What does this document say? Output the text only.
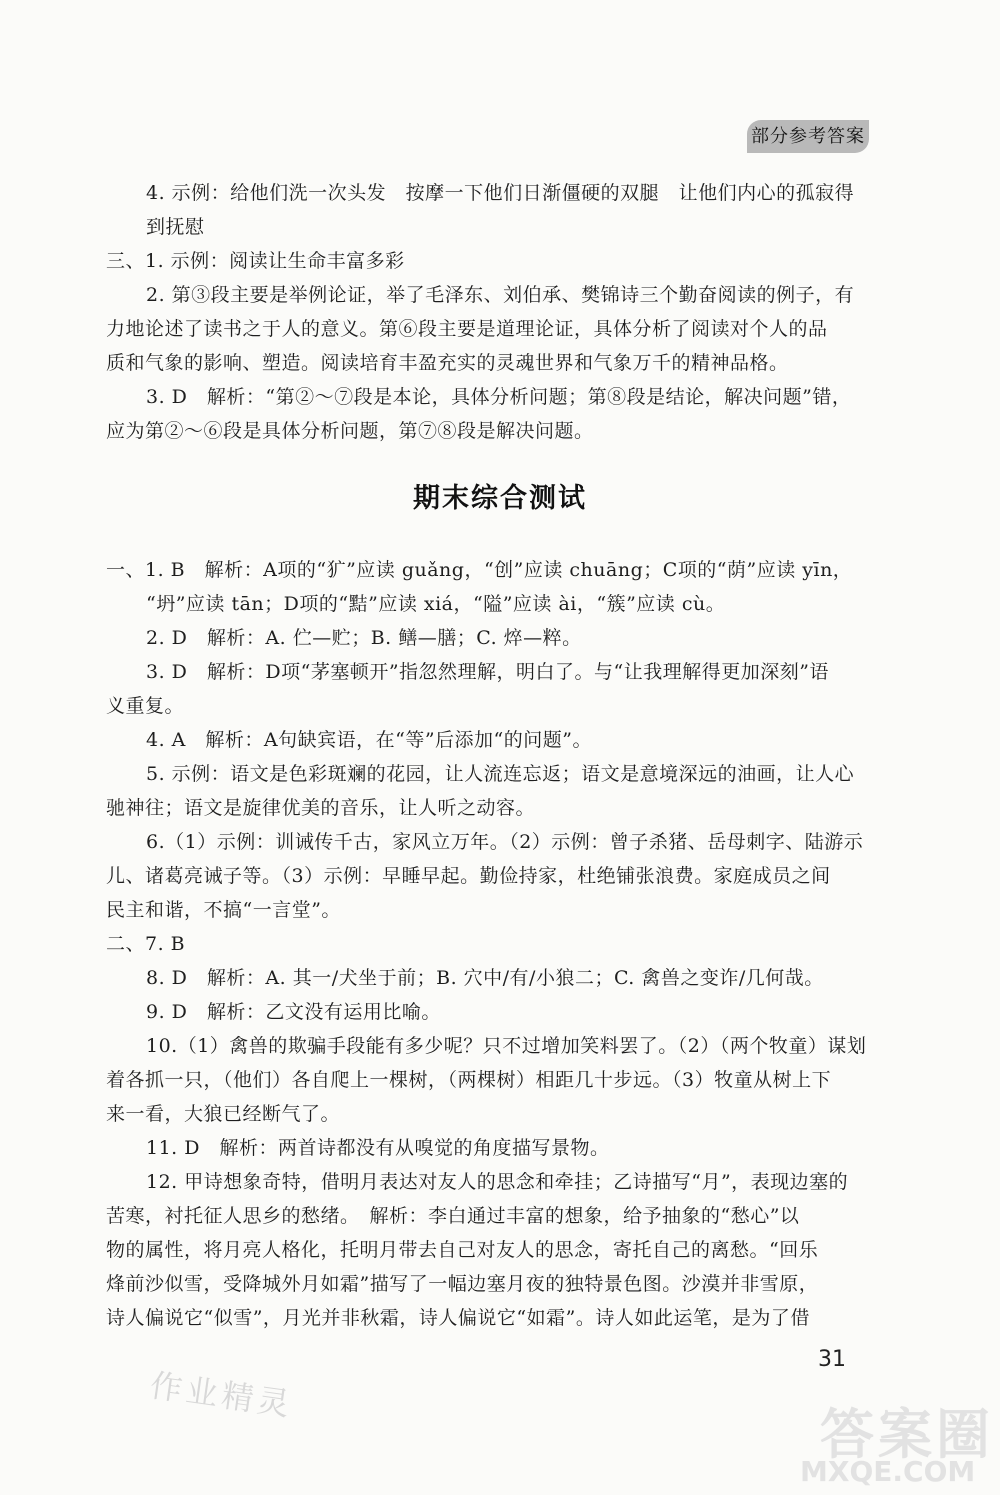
部分参考答案
4. 示例：给他们洗一次头发　按摩一下他们日渐僵硬的双腿　让他们内心的孤寂得
到抚慰
三、1. 示例：阅读让生命丰富多彩
2. 第③段主要是举例论证，举了毛泽东、刘伯承、樊锦诗三个勤奋阅读的例子，有
力地论述了读书之于人的意义。第⑥段主要是道理论证，具体分析了阅读对个人的品
质和气象的影响、塑造。阅读培育丰盈充实的灵魂世界和气象万千的精神品格。
3. D　解析：“第②～⑦段是本论，具体分析问题；第⑧段是结论，解决问题”错，
应为第②～⑥段是具体分析问题，第⑦⑧段是解决问题。
期末综合测试
一、1. B　解析：A项的“犷”应读 guǎng，“创”应读 chuāng；C项的“荫”应读 yīn，
“坍”应读 tān；D项的“黠”应读 xiá，“隘”应读 ài，“簇”应读 cù。
2. D　解析：A. 伫—贮；B. 鳝—膳；C. 焠—粹。
3. D　解析：D项“茅塞顿开”指忽然理解，明白了。与“让我理解得更加深刻”语
义重复。
4. A　解析：A句缺宾语，在“等”后添加“的问题”。
5. 示例：语文是色彩斑斓的花园，让人流连忘返；语文是意境深远的油画，让人心
驰神往；语文是旋律优美的音乐，让人听之动容。
6.（1）示例：训诫传千古，家风立万年。（2）示例：曾子杀猪、岳母刺字、陆游示
儿、诸葛亮诫子等。（3）示例：早睡早起。勤俭持家，杜绝铺张浪费。家庭成员之间
民主和谐，不搞“一言堂”。
二、7. B
8. D　解析：A. 其一/犬坐于前；B. 穴中/有/小狼二；C. 禽兽之变诈/几何哉。
9. D　解析：乙文没有运用比喻。
10.（1）禽兽的欺骗手段能有多少呢？只不过增加笑料罢了。（2）（两个牧童）谋划
着各抓一只，（他们）各自爬上一棵树，（两棵树）相距几十步远。（3）牧童从树上下
来一看，大狼已经断气了。
11. D　解析：两首诗都没有从嗅觉的角度描写景物。
12. 甲诗想象奇特，借明月表达对友人的思念和牵挂；乙诗描写“月”，表现边塞的
苦寒，衬托征人思乡的愁绪。　解析：李白通过丰富的想象，给予抽象的“愁心”以
物的属性，将月亮人格化，托明月带去自己对友人的思念，寄托自己的离愁。“回乐
烽前沙似雪，受降城外月如霜”描写了一幅边塞月夜的独特景色图。沙漠并非雪原，
诗人偏说它“似雪”，月光并非秋霜，诗人偏说它“如霜”。诗人如此运笔，是为了借
31
作业精灵
答案圈
MXQE.COM
